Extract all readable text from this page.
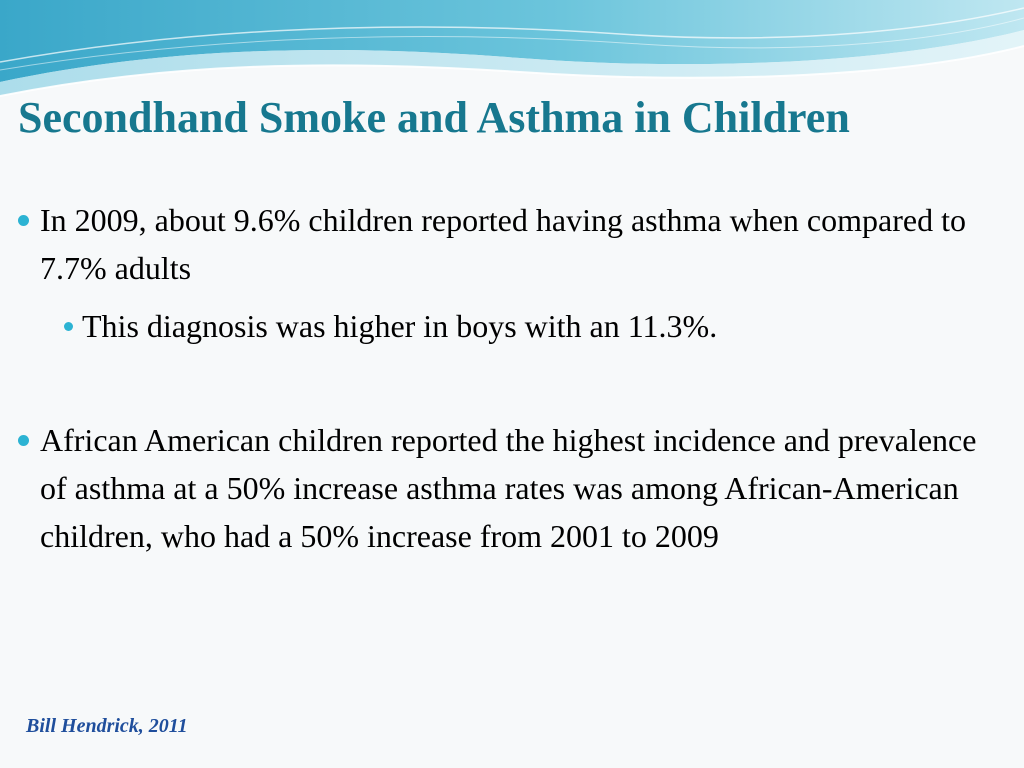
Secondhand Smoke and Asthma in Children
In 2009, about 9.6% children reported having asthma when compared to 7.7% adults
This diagnosis was higher in boys with an 11.3%.
African American children reported the highest incidence and prevalence of asthma at a 50% increase asthma rates was among African-American children, who had a 50% increase from 2001 to 2009
Bill Hendrick, 2011
